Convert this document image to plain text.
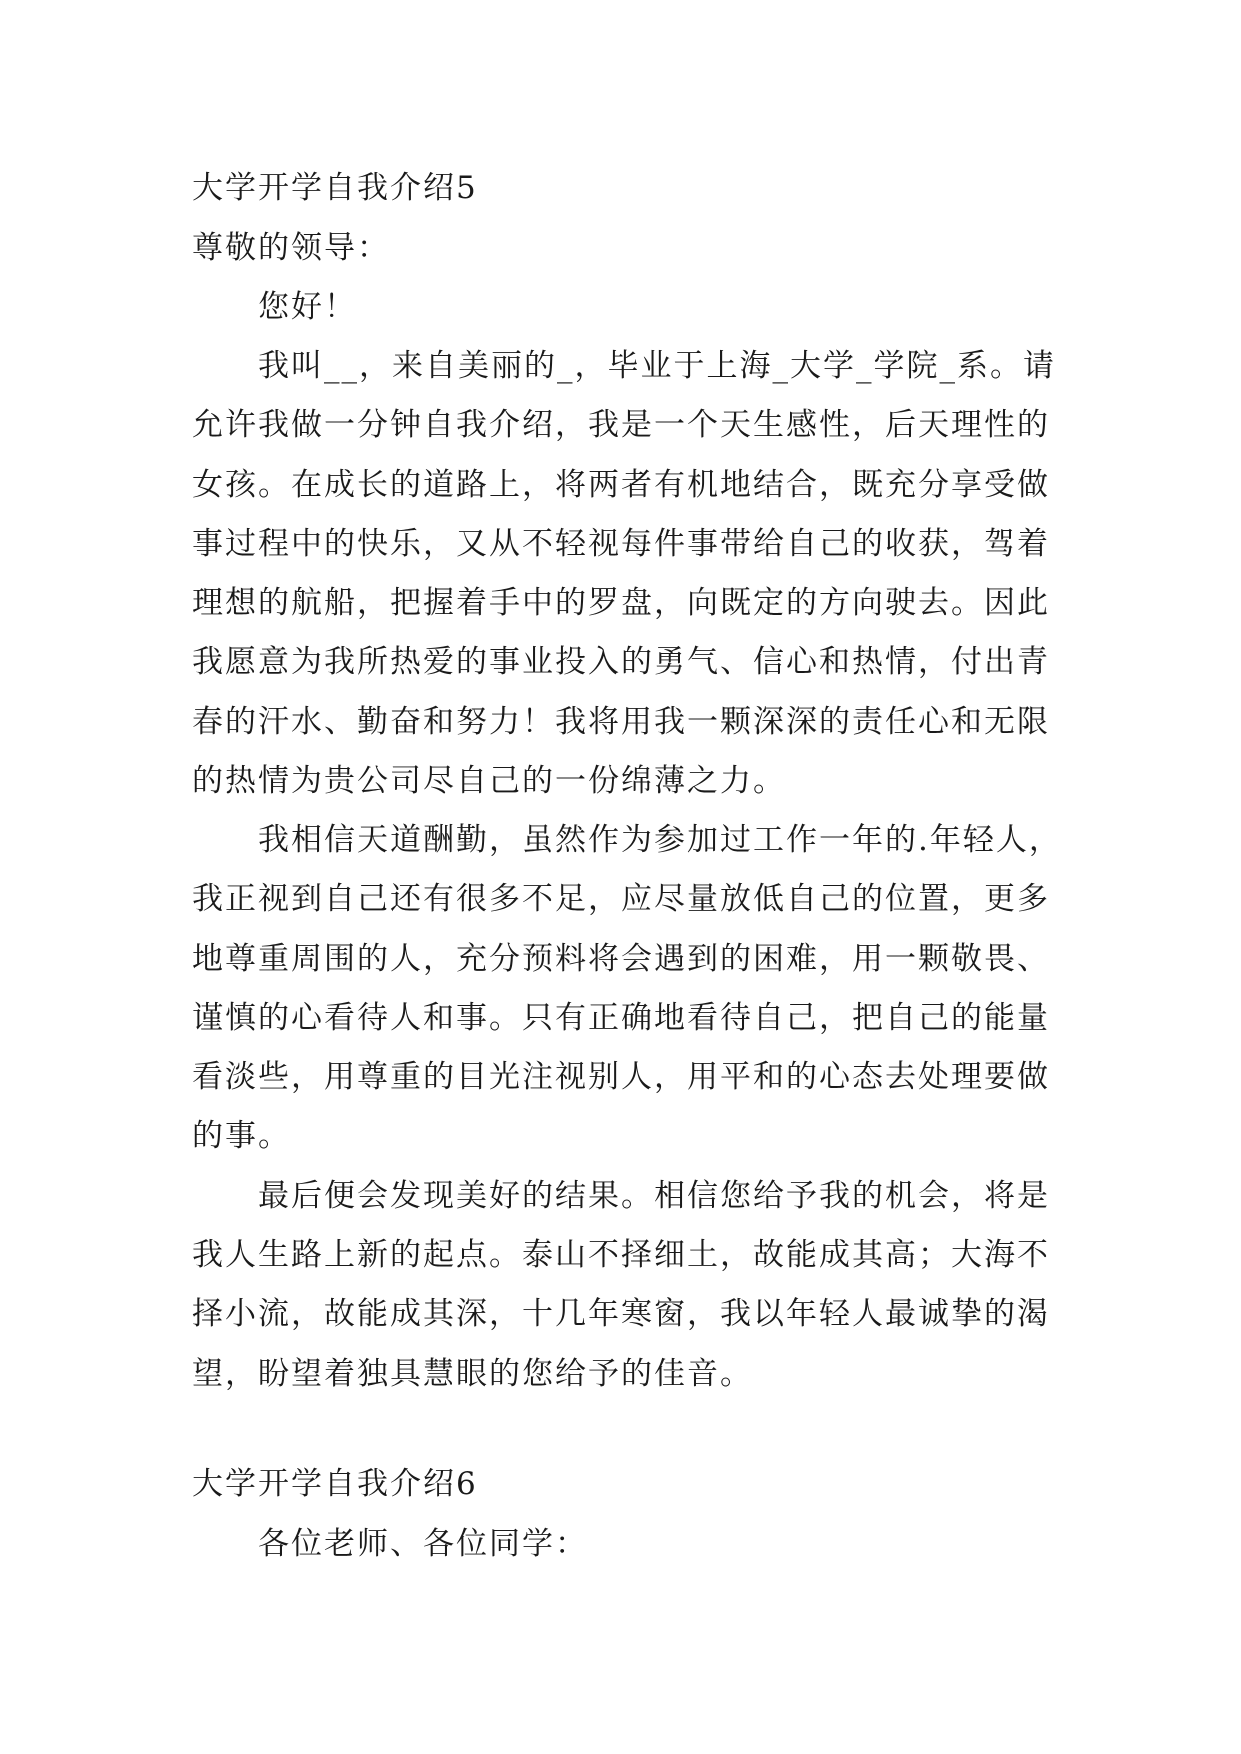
大学开学自我介绍5
尊敬的领导：
您好！
我叫__，来自美丽的_，毕业于上海_大学_学院_系。请
允许我做一分钟自我介绍，我是一个天生感性，后天理性的
女孩。在成长的道路上，将两者有机地结合，既充分享受做
事过程中的快乐，又从不轻视每件事带给自己的收获，驾着
理想的航船，把握着手中的罗盘，向既定的方向驶去。因此
我愿意为我所热爱的事业投入的勇气、信心和热情，付出青
春的汗水、勤奋和努力！我将用我一颗深深的责任心和无限
的热情为贵公司尽自己的一份绵薄之力。
我相信天道酬勤，虽然作为参加过工作一年的.年轻人，
我正视到自己还有很多不足，应尽量放低自己的位置，更多
地尊重周围的人，充分预料将会遇到的困难，用一颗敬畏、
谨慎的心看待人和事。只有正确地看待自己，把自己的能量
看淡些，用尊重的目光注视别人，用平和的心态去处理要做
的事。
最后便会发现美好的结果。相信您给予我的机会，将是
我人生路上新的起点。泰山不择细土，故能成其高；大海不
择小流，故能成其深，十几年寒窗，我以年轻人最诚挚的渴
望，盼望着独具慧眼的您给予的佳音。
大学开学自我介绍6
各位老师、各位同学：
